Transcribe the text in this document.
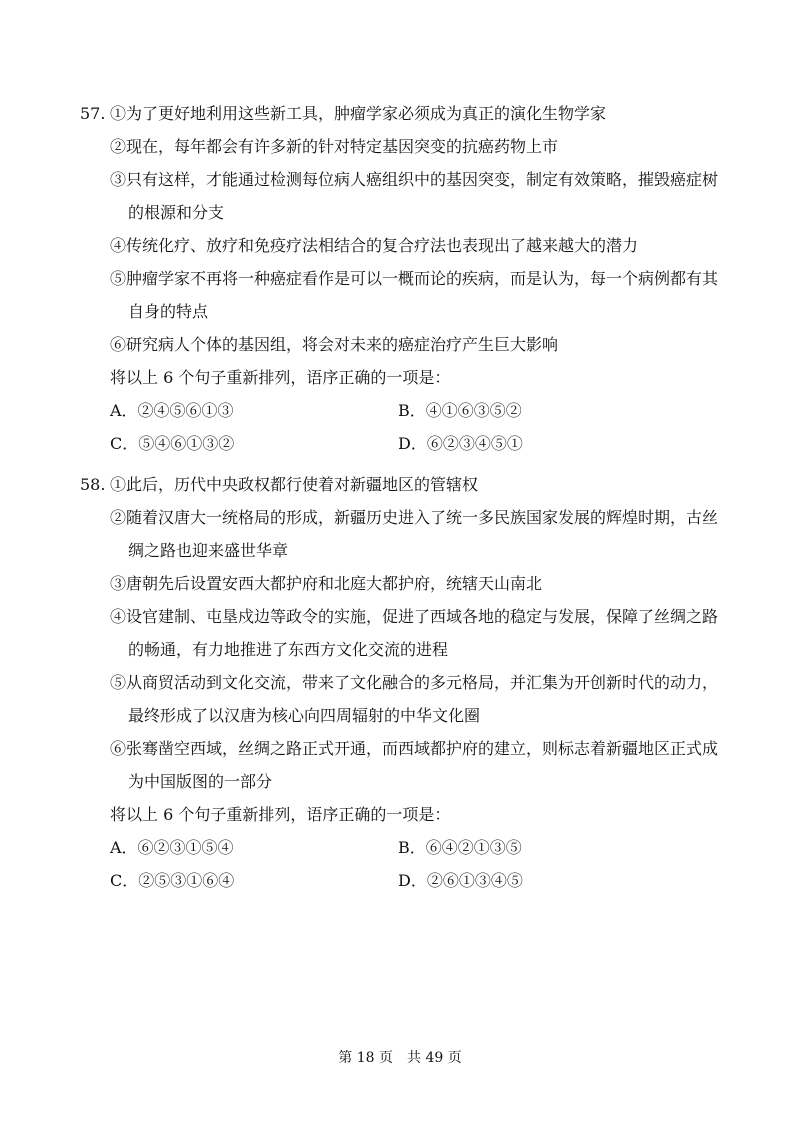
57. ①为了更好地利用这些新工具，肿瘤学家必须成为真正的演化生物学家
②现在，每年都会有许多新的针对特定基因突变的抗癌药物上市
③只有这样，才能通过检测每位病人癌组织中的基因突变，制定有效策略，摧毁癌症树
的根源和分支
④传统化疗、放疗和免疫疗法相结合的复合疗法也表现出了越来越大的潜力
⑤肿瘤学家不再将一种癌症看作是可以一概而论的疾病，而是认为，每一个病例都有其
自身的特点
⑥研究病人个体的基因组，将会对未来的癌症治疗产生巨大影响
将以上 6 个句子重新排列，语序正确的一项是：
A．②④⑤⑥①③	B．④①⑥③⑤②
C．⑤④⑥①③②	D．⑥②③④⑤①
58. ①此后，历代中央政权都行使着对新疆地区的管辖权
②随着汉唐大一统格局的形成，新疆历史进入了统一多民族国家发展的辉煌时期，古丝
绸之路也迎来盛世华章
③唐朝先后设置安西大都护府和北庭大都护府，统辖天山南北
④设官建制、屯垦戍边等政令的实施，促进了西域各地的稳定与发展，保障了丝绸之路
的畅通，有力地推进了东西方文化交流的进程
⑤从商贸活动到文化交流，带来了文化融合的多元格局，并汇集为开创新时代的动力，
最终形成了以汉唐为核心向四周辐射的中华文化圈
⑥张骞凿空西域，丝绸之路正式开通，而西域都护府的建立，则标志着新疆地区正式成
为中国版图的一部分
将以上 6 个句子重新排列，语序正确的一项是：
A．⑥②③①⑤④	B．⑥④②①③⑤
C．②⑤③①⑥④	D．②⑥①③④⑤
第 18 页　共 49 页
